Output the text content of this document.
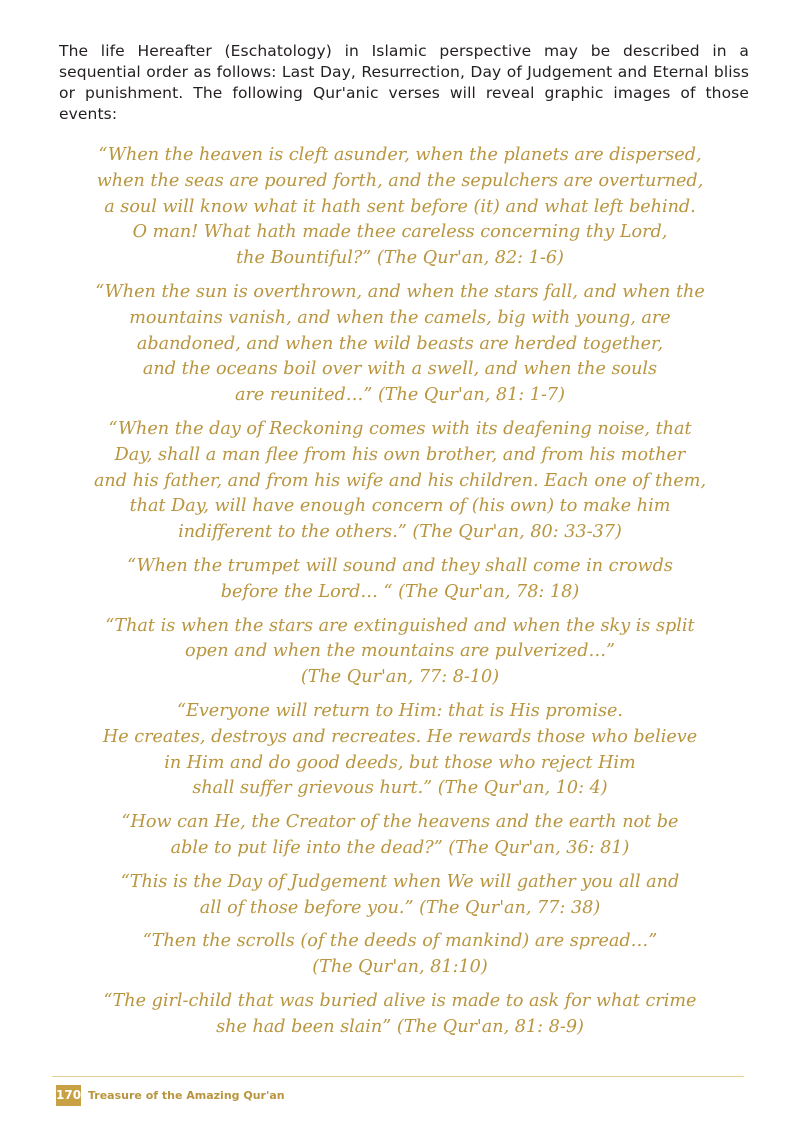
The life Hereafter (Eschatology) in Islamic perspective may be described in a sequential order as follows: Last Day, Resurrection, Day of Judgement and Eternal bliss or punishment. The following Qur'anic verses will reveal graphic images of those events:

“When the heaven is cleft asunder, when the planets are dispersed,
when the seas are poured forth, and the sepulchers are overturned,
a soul will know what it hath sent before (it) and what left behind.
O man! What hath made thee careless concerning thy Lord,
the Bountiful?” (The Qur'an, 82: 1-6)

“When the sun is overthrown, and when the stars fall, and when the
mountains vanish, and when the camels, big with young, are
abandoned, and when the wild beasts are herded together,
and the oceans boil over with a swell, and when the souls
are reunited…” (The Qur'an, 81: 1-7)

“When the day of Reckoning comes with its deafening noise, that
Day, shall a man flee from his own brother, and from his mother
and his father, and from his wife and his children. Each one of them,
that Day, will have enough concern of (his own) to make him
indifferent to the others.” (The Qur'an, 80: 33-37)

“When the trumpet will sound and they shall come in crowds
before the Lord… “ (The Qur'an, 78: 18)

“That is when the stars are extinguished and when the sky is split
open and when the mountains are pulverized…”
(The Qur'an, 77: 8-10)

“Everyone will return to Him: that is His promise.
He creates, destroys and recreates. He rewards those who believe
in Him and do good deeds, but those who reject Him
shall suffer grievous hurt.” (The Qur'an, 10: 4)

“How can He, the Creator of the heavens and the earth not be
able to put life into the dead?” (The Qur'an, 36: 81)

“This is the Day of Judgement when We will gather you all and
all of those before you.” (The Qur'an, 77: 38)

“Then the scrolls (of the deeds of mankind) are spread…”
(The Qur'an, 81:10)

“The girl-child that was buried alive is made to ask for what crime
she had been slain” (The Qur'an, 81: 8-9)

170 Treasure of the Amazing Qur'an
